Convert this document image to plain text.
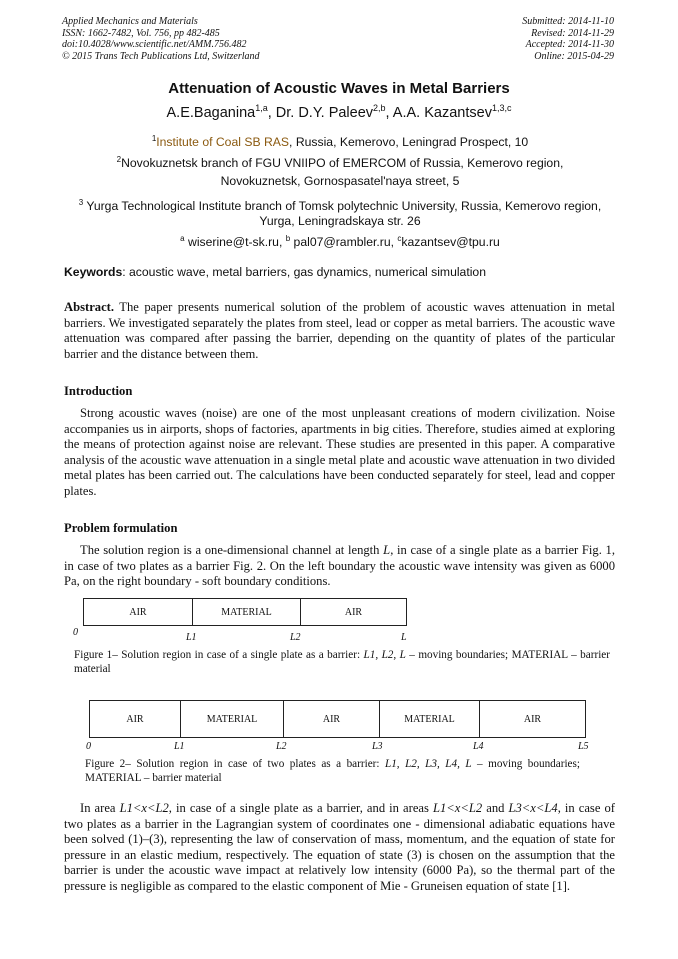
Applied Mechanics and Materials
ISSN: 1662-7482, Vol. 756, pp 482-485
doi:10.4028/www.scientific.net/AMM.756.482
© 2015 Trans Tech Publications Ltd, Switzerland
Submitted: 2014-11-10
Revised: 2014-11-29
Accepted: 2014-11-30
Online: 2015-04-29
Attenuation of Acoustic Waves in Metal Barriers
A.E.Baganina$^{1,a}$, Dr. D.Y. Paleev$^{2,b}$, A.A. Kazantsev$^{1,3,c}$
$^1$Institute of Coal SB RAS, Russia, Kemerovo, Leningrad Prospect, 10
$^2$Novokuznetsk branch of FGU VNIIPO of EMERCOM of Russia, Kemerovo region,
Novokuznetsk, Gornospasatel'naya street, 5
$^3$ Yurga Technological Institute branch of Tomsk polytechnic University, Russia, Kemerovo region, Yurga, Leningradskaya str. 26
$^a$ wiserine@t-sk.ru, $^b$ pal07@rambler.ru, $^c$kazantsev@tpu.ru
Keywords: acoustic wave, metal barriers, gas dynamics, numerical simulation
Abstract. The paper presents numerical solution of the problem of acoustic waves attenuation in metal barriers. We investigated separately the plates from steel, lead or copper as metal barriers. The acoustic wave attenuation was compared after passing the barrier, depending on the quantity of plates of the particular barrier and the distance between them.
Introduction
Strong acoustic waves (noise) are one of the most unpleasant creations of modern civilization. Noise accompanies us in airports, shops of factories, apartments in big cities. Therefore, studies aimed at exploring the means of protection against noise are relevant. These studies are presented in this paper. A comparative analysis of the acoustic wave attenuation in a single metal plate and acoustic wave attenuation in two divided metal plates has been carried out. The calculations have been conducted separately for steel, lead and copper plates.
Problem formulation
The solution region is a one-dimensional channel at length L, in case of a single plate as a barrier Fig. 1, in case of two plates as a barrier Fig. 2. On the left boundary the acoustic wave intensity was given as 6000 Pa, on the right boundary - soft boundary conditions.
AIR	MATERIAL	AIR
0	L1	L2	L
Figure 1– Solution region in case of a single plate as a barrier: L1, L2, L – moving boundaries; MATERIAL – barrier material
AIR	MATERIAL	AIR	MATERIAL	AIR
0	L1	L2	L3	L4	L5
Figure 2– Solution region in case of two plates as a barrier: L1, L2, L3, L4, L – moving boundaries; MATERIAL – barrier material
In area L1<x<L2, in case of a single plate as a barrier, and in areas L1<x<L2 and L3<x<L4, in case of two plates as a barrier in the Lagrangian system of coordinates one - dimensional adiabatic equations have been solved (1)–(3), representing the law of conservation of mass, momentum, and the equation of state for pressure in an elastic medium, respectively. The equation of state (3) is chosen on the assumption that the barrier is under the acoustic wave impact at relatively low intensity (6000 Pa), so the thermal part of the pressure is negligible as compared to the elastic component of Mie - Gruneisen equation of state [1].
